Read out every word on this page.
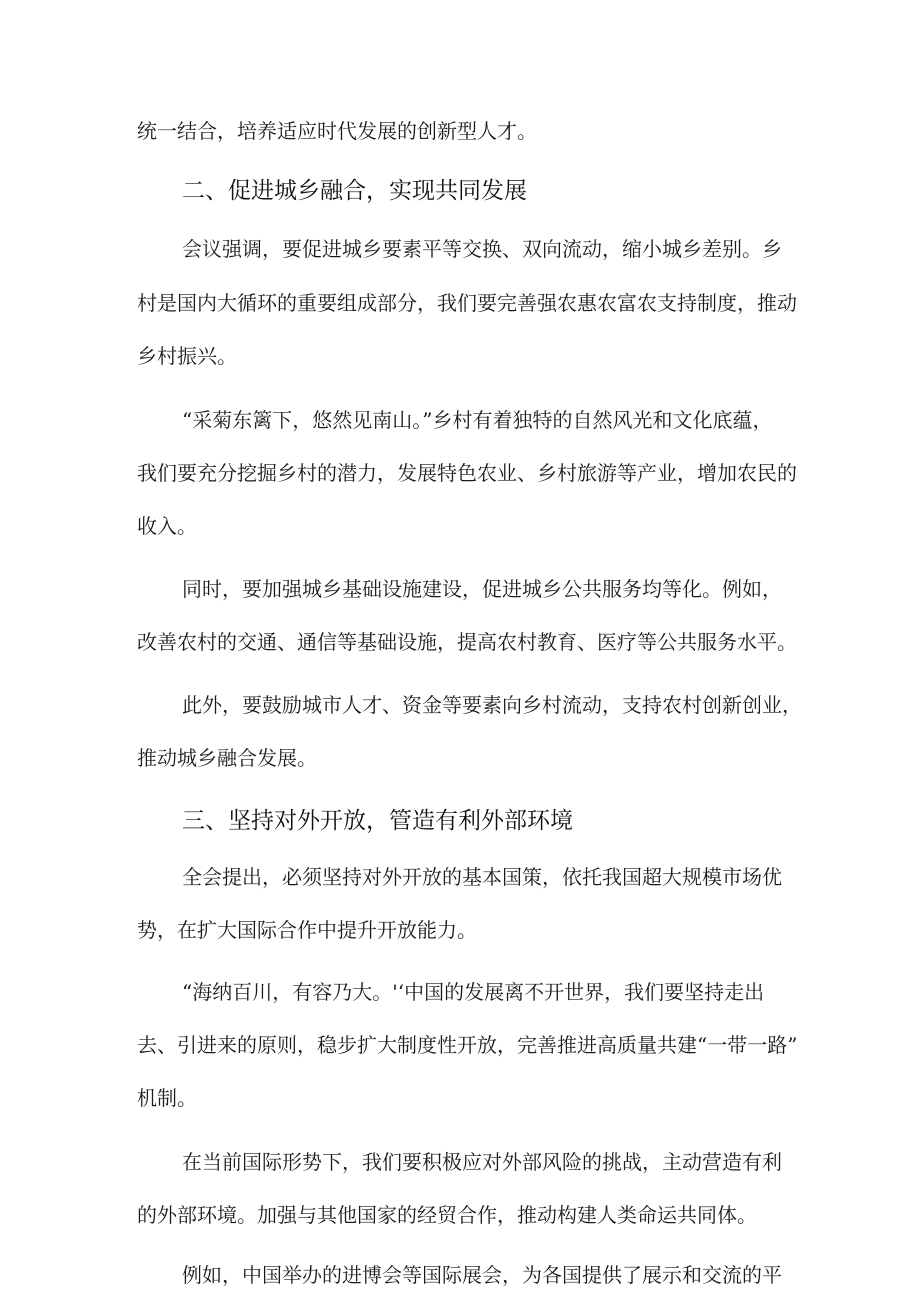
统一结合，培养适应时代发展的创新型人才。
二、促进城乡融合，实现共同发展
会议强调，要促进城乡要素平等交换、双向流动，缩小城乡差别。乡
村是国内大循环的重要组成部分，我们要完善强农惠农富农支持制度，推动
乡村振兴。
“采菊东篱下，悠然见南山。”乡村有着独特的自然风光和文化底蕴，
我们要充分挖掘乡村的潜力，发展特色农业、乡村旅游等产业，增加农民的
收入。
同时，要加强城乡基础设施建设，促进城乡公共服务均等化。例如，
改善农村的交通、通信等基础设施，提高农村教育、医疗等公共服务水平。
此外，要鼓励城市人才、资金等要素向乡村流动，支持农村创新创业，
推动城乡融合发展。
三、坚持对外开放，管造有利外部环境
全会提出，必须坚持对外开放的基本国策，依托我国超大规模市场优
势，在扩大国际合作中提升开放能力。
“海纳百川，有容乃大。'‘中国的发展离不开世界，我们要坚持走出
去、引进来的原则，稳步扩大制度性开放，完善推进高质量共建“一带一路”
机制。
在当前国际形势下，我们要积极应对外部风险的挑战，主动营造有利
的外部环境。加强与其他国家的经贸合作，推动构建人类命运共同体。
例如，中国举办的进博会等国际展会，为各国提供了展示和交流的平
